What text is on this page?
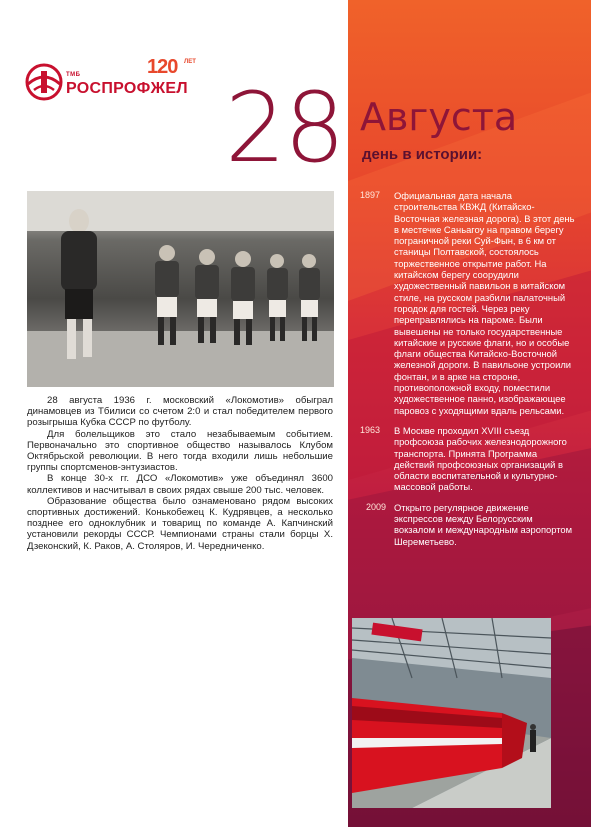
ТМБ
РОСПРОФЖЕЛ
120 ЛЕТ
28 Августа
день в истории:

28 августа 1936 г. московский «Локомотив» обыграл динамовцев из Тбилиси со счетом 2:0 и стал победителем первого розыгрыша Кубка СССР по футболу.

Для болельщиков это стало незабываемым событием. Первоначально это спортивное общество называлось Клубом Октябрьской революции. В него тогда входили лишь небольшие группы спортсменов-энтузиастов.

В конце 30-х гг. ДСО «Локомотив» уже объединял 3600 коллективов и насчитывал в своих рядах свыше 200 тыс. человек.

Образование общества было ознаменовано рядом высоких спортивных достижений. Конькобежец К. Кудрявцев, а несколько позднее его одноклубник и товарищ по команде А. Капчинский установили рекорды СССР. Чемпионами страны стали борцы Х. Дзеконский, К. Раков, А. Столяров, И. Чередниченко.

1897 Официальная дата начала строительства КВЖД (Китайско-Восточная железная дорога). В этот день в местечке Саньагоу на правом берегу пограничной реки Суй-Фын, в 6 км от станицы Полтавской, состоялось торжественное открытие работ. На китайском берегу соорудили художественный павильон в китайском стиле, на русском разбили палаточный городок для гостей. Через реку переправлялись на пароме. Были вывешены не только государственные китайские и русские флаги, но и особые флаги общества Китайско-Восточной железной дороги. В павильоне устроили фонтан, и в арке на стороне, противоположной входу, поместили художественное панно, изображающее паровоз с уходящими вдаль рельсами.
1963 В Москве проходил XVIII съезд профсоюза рабочих железнодорожного транспорта. Принята Программа действий профсоюзных организаций в области воспитательной и культурно-массовой работы.
2009 Открыто регулярное движение экспрессов между Белорусским вокзалом и международным аэропортом Шереметьево.
